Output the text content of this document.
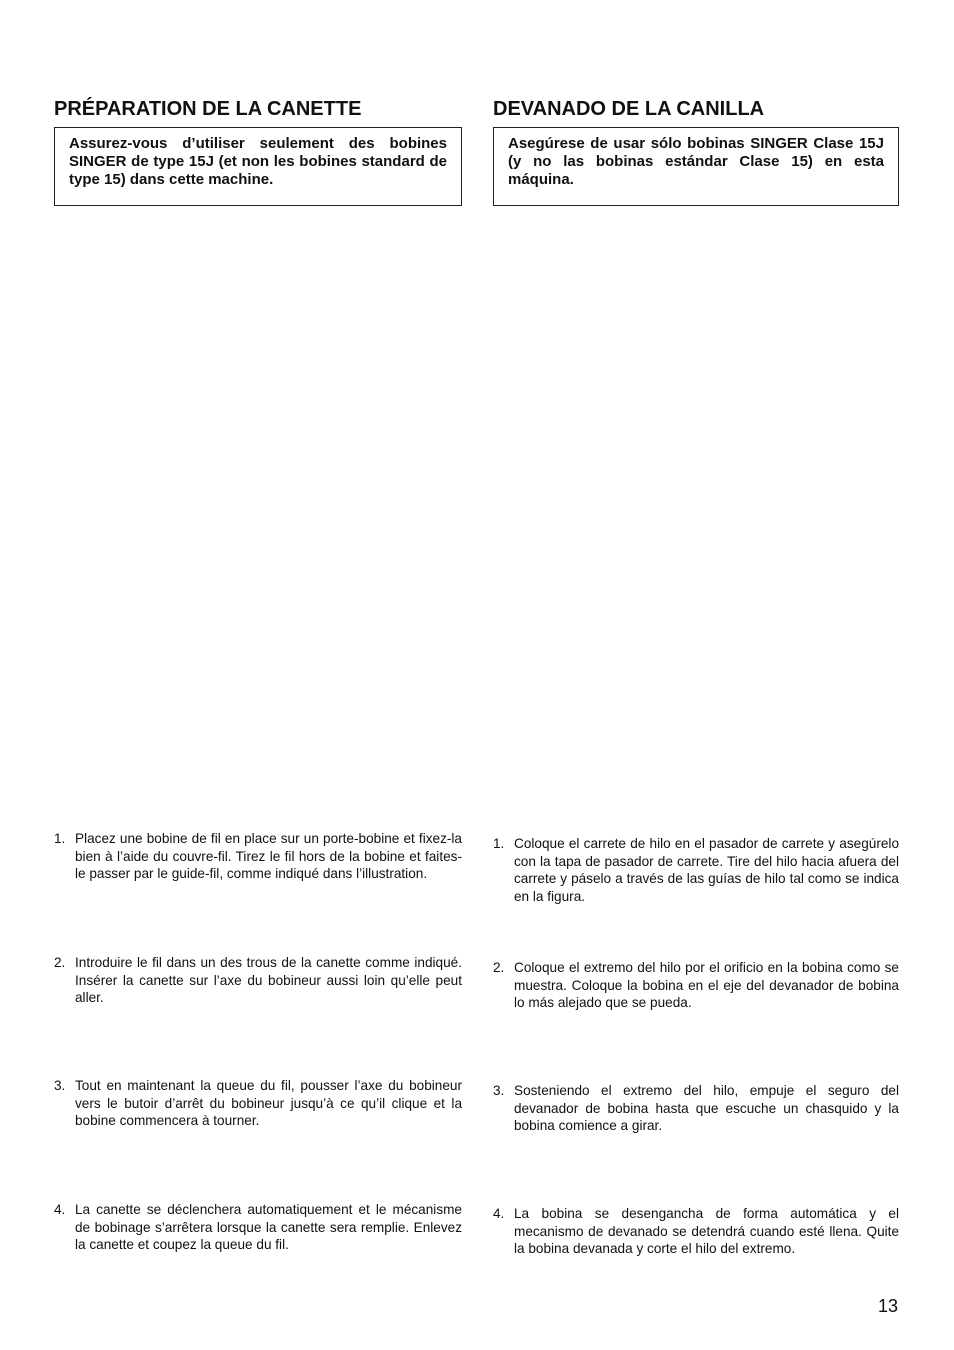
PRÉPARATION DE LA CANETTE
Assurez-vous d’utiliser seulement des bobines SINGER de type 15J (et non les bobines standard de type 15) dans cette machine.
1. Placez une bobine de fil en place sur un porte-bobine et fixez-la bien à l’aide du couvre-fil. Tirez le fil hors de la bobine et faites-le passer par le guide-fil, comme indiqué dans l’illustration.
2. Introduire le fil dans un des trous de la canette comme indiqué. Insérer la canette sur l’axe du bobineur aussi loin qu’elle peut aller.
3. Tout en maintenant la queue du fil, pousser l’axe du bobineur vers le butoir d’arrêt du bobineur jusqu’à ce qu’il clique et la bobine commencera à tourner.
4. La canette se déclenchera automatiquement et le mécanisme de bobinage s’arrêtera lorsque la canette sera remplie. Enlevez la canette et coupez la queue du fil.
DEVANADO DE LA CANILLA
Asegúrese de usar sólo bobinas SINGER Clase 15J (y no las bobinas estándar Clase 15) en esta máquina.
1. Coloque el carrete de hilo en el pasador de carrete y asegúrelo con la tapa de pasador de carrete. Tire del hilo hacia afuera del carrete y páselo a través de las guías de hilo tal como se indica en la figura.
2. Coloque el extremo del hilo por el orificio en la bobina como se muestra. Coloque la bobina en el eje del devanador de bobina lo más alejado que se pueda.
3. Sosteniendo el extremo del hilo, empuje el seguro del devanador de bobina hasta que escuche un chasquido y la bobina comience a girar.
4. La bobina se desengancha de forma automática y el mecanismo de devanado se detendrá cuando esté llena. Quite la bobina devanada y corte el hilo del extremo.
13
